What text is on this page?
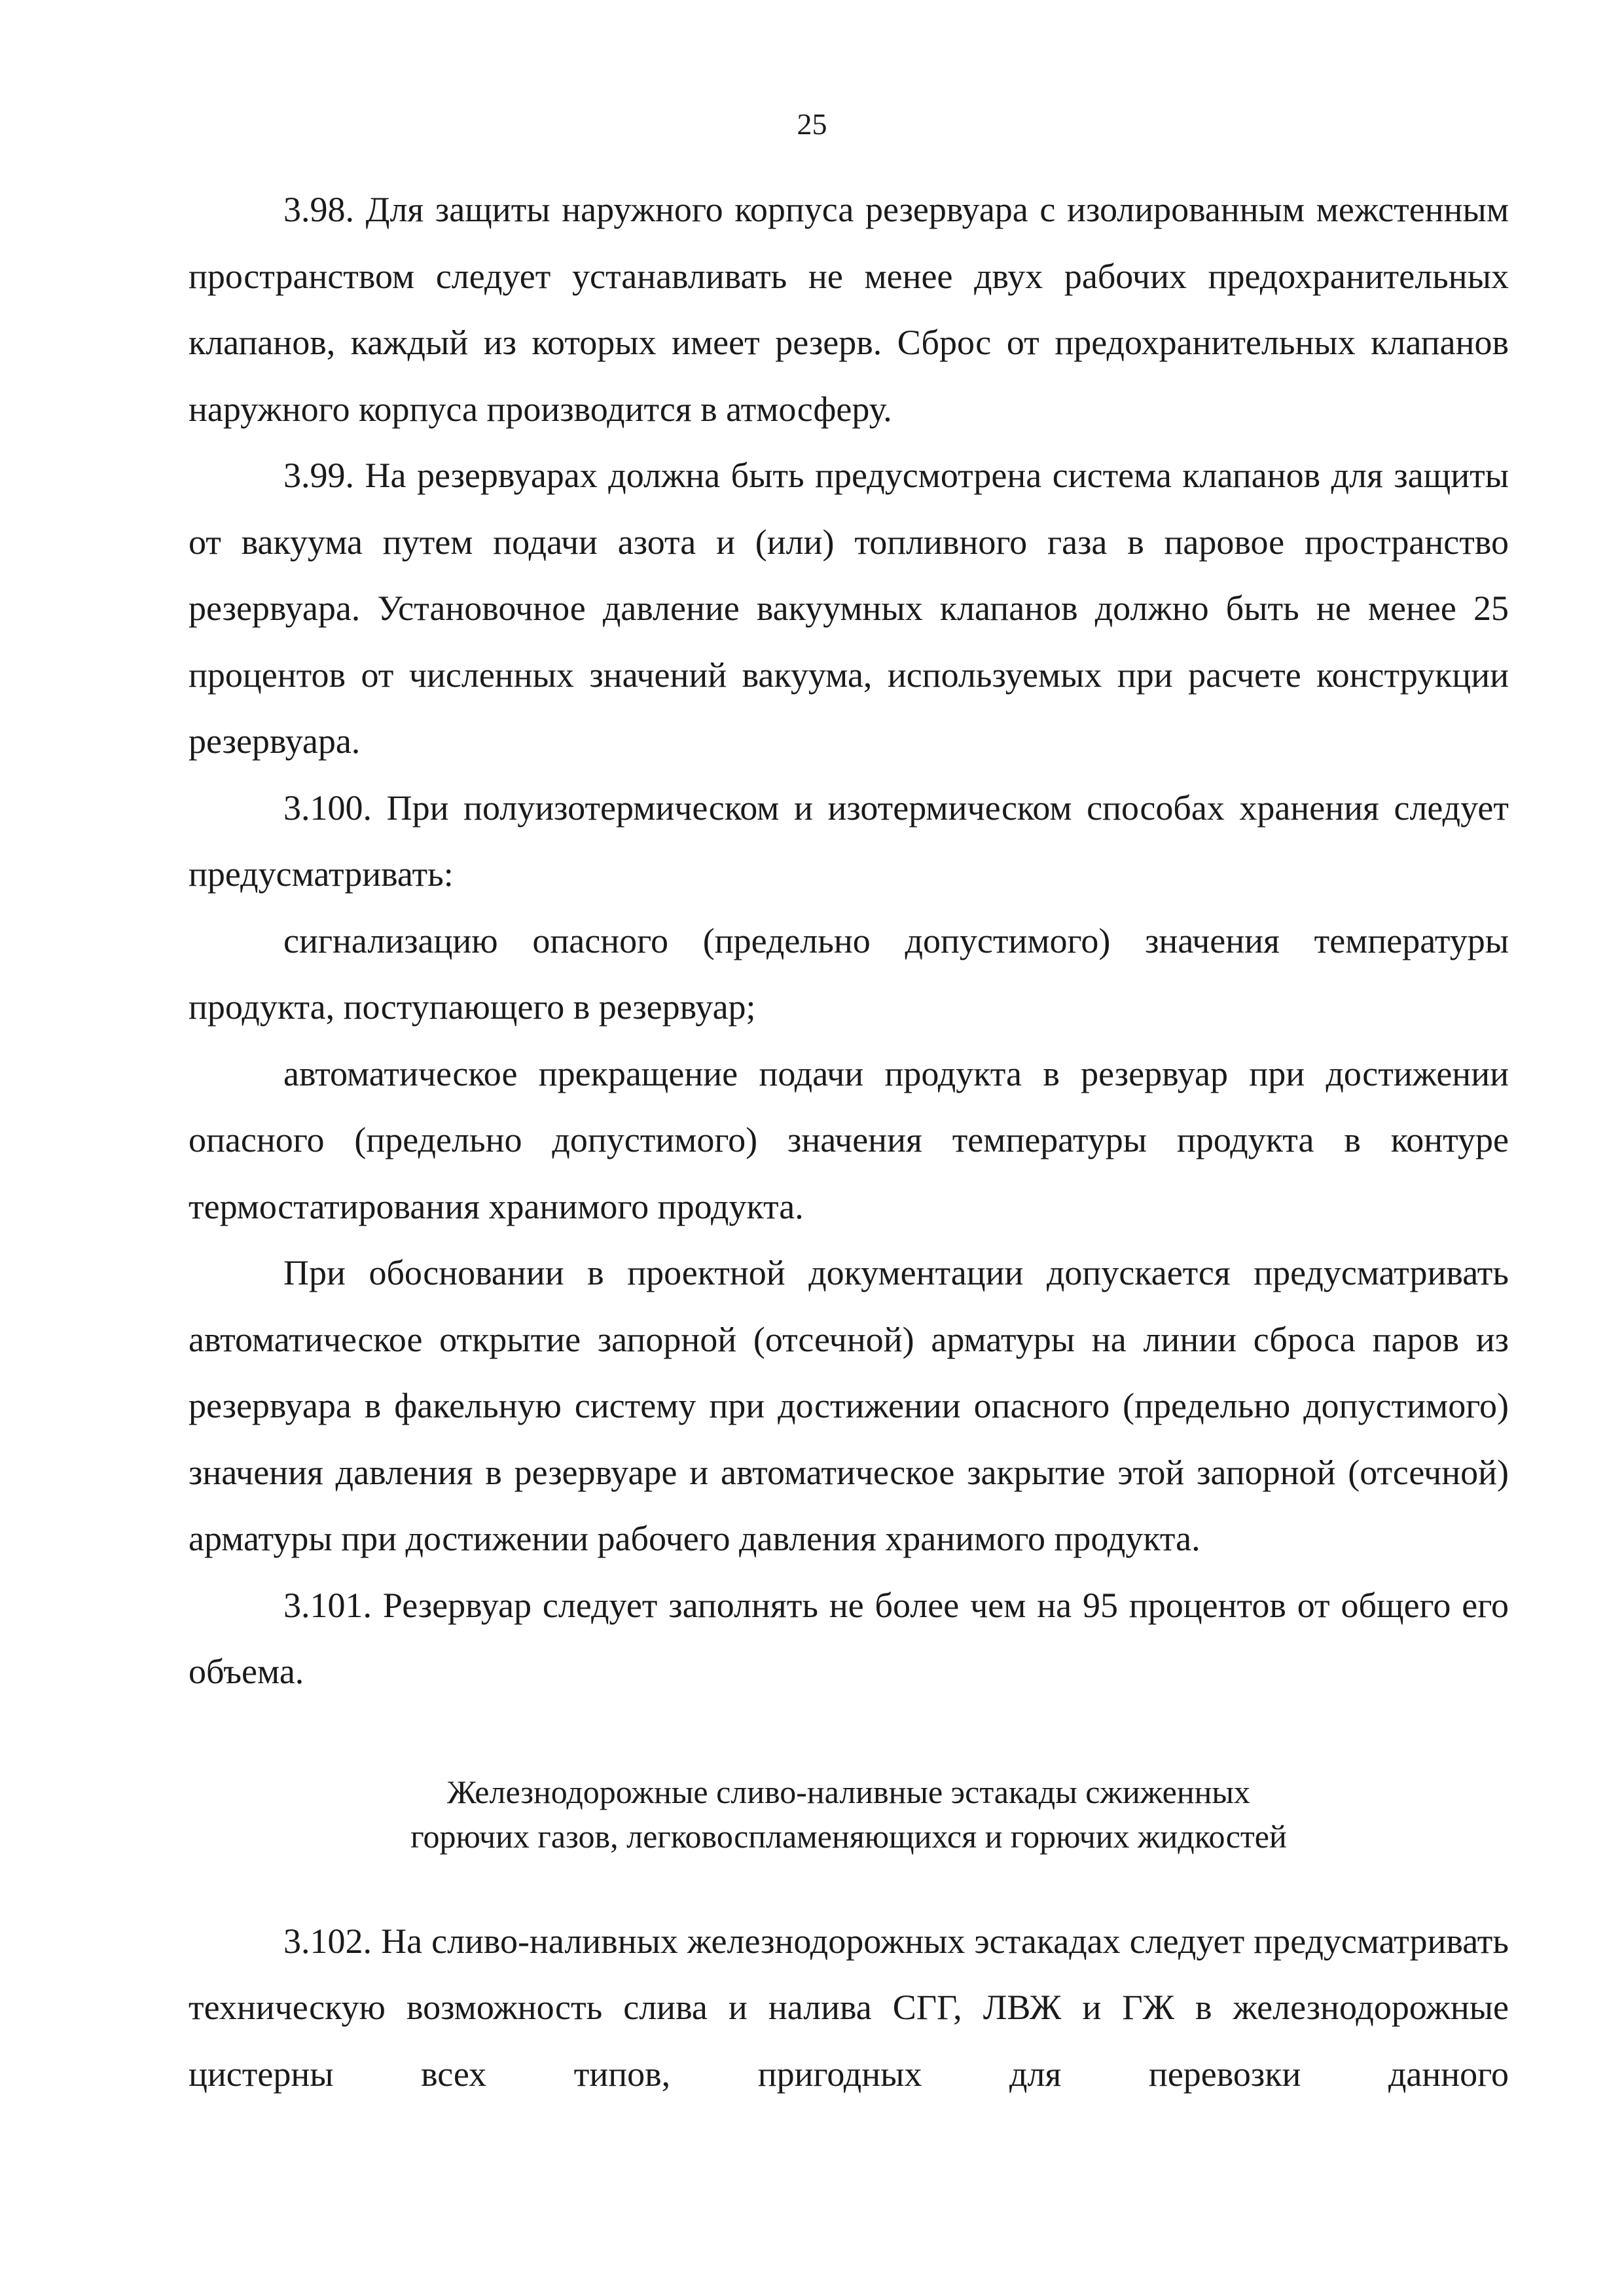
25

3.98. Для защиты наружного корпуса резервуара с изолированным межстенным пространством следует устанавливать не менее двух рабочих предохранительных клапанов, каждый из которых имеет резерв. Сброс от предохранительных клапанов наружного корпуса производится в атмосферу.

3.99. На резервуарах должна быть предусмотрена система клапанов для защиты от вакуума путем подачи азота и (или) топливного газа в паровое пространство резервуара. Установочное давление вакуумных клапанов должно быть не менее 25 процентов от численных значений вакуума, используемых при расчете конструкции резервуара.

3.100. При полуизотермическом и изотермическом способах хранения следует предусматривать:

сигнализацию опасного (предельно допустимого) значения температуры продукта, поступающего в резервуар;

автоматическое прекращение подачи продукта в резервуар при достижении опасного (предельно допустимого) значения температуры продукта в контуре термостатирования хранимого продукта.

При обосновании в проектной документации допускается предусматривать автоматическое открытие запорной (отсечной) арматуры на линии сброса паров из резервуара в факельную систему при достижении опасного (предельно допустимого) значения давления в резервуаре и автоматическое закрытие этой запорной (отсечной) арматуры при достижении рабочего давления хранимого продукта.

3.101. Резервуар следует заполнять не более чем на 95 процентов от общего его объема.

Железнодорожные сливо-наливные эстакады сжиженных
горючих газов, легковоспламеняющихся и горючих жидкостей

3.102. На сливо-наливных железнодорожных эстакадах следует предусматривать техническую возможность слива и налива СГГ, ЛВЖ и ГЖ в железнодорожные цистерны всех типов, пригодных для перевозки данного
